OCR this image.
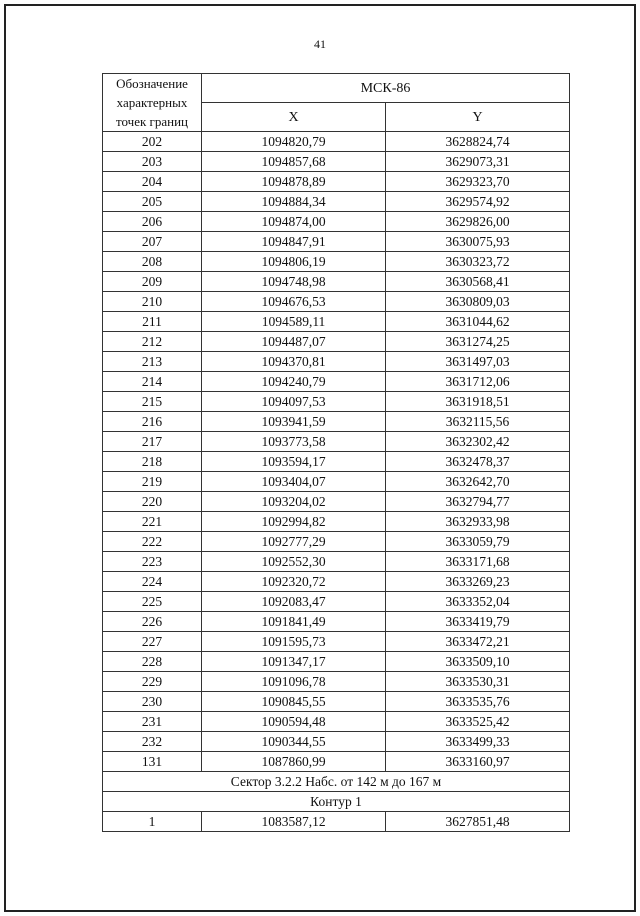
41
Обозначение
характерных
точек границ	МСК-86	
	X	Y
202	1094820,79	3628824,74
203	1094857,68	3629073,31
204	1094878,89	3629323,70
205	1094884,34	3629574,92
206	1094874,00	3629826,00
207	1094847,91	3630075,93
208	1094806,19	3630323,72
209	1094748,98	3630568,41
210	1094676,53	3630809,03
211	1094589,11	3631044,62
212	1094487,07	3631274,25
213	1094370,81	3631497,03
214	1094240,79	3631712,06
215	1094097,53	3631918,51
216	1093941,59	3632115,56
217	1093773,58	3632302,42
218	1093594,17	3632478,37
219	1093404,07	3632642,70
220	1093204,02	3632794,77
221	1092994,82	3632933,98
222	1092777,29	3633059,79
223	1092552,30	3633171,68
224	1092320,72	3633269,23
225	1092083,47	3633352,04
226	1091841,49	3633419,79
227	1091595,73	3633472,21
228	1091347,17	3633509,10
229	1091096,78	3633530,31
230	1090845,55	3633535,76
231	1090594,48	3633525,42
232	1090344,55	3633499,33
131	1087860,99	3633160,97
Сектор 3.2.2 Набс. от 142 м до 167 м		
Контур 1		
1	1083587,12	3627851,48
